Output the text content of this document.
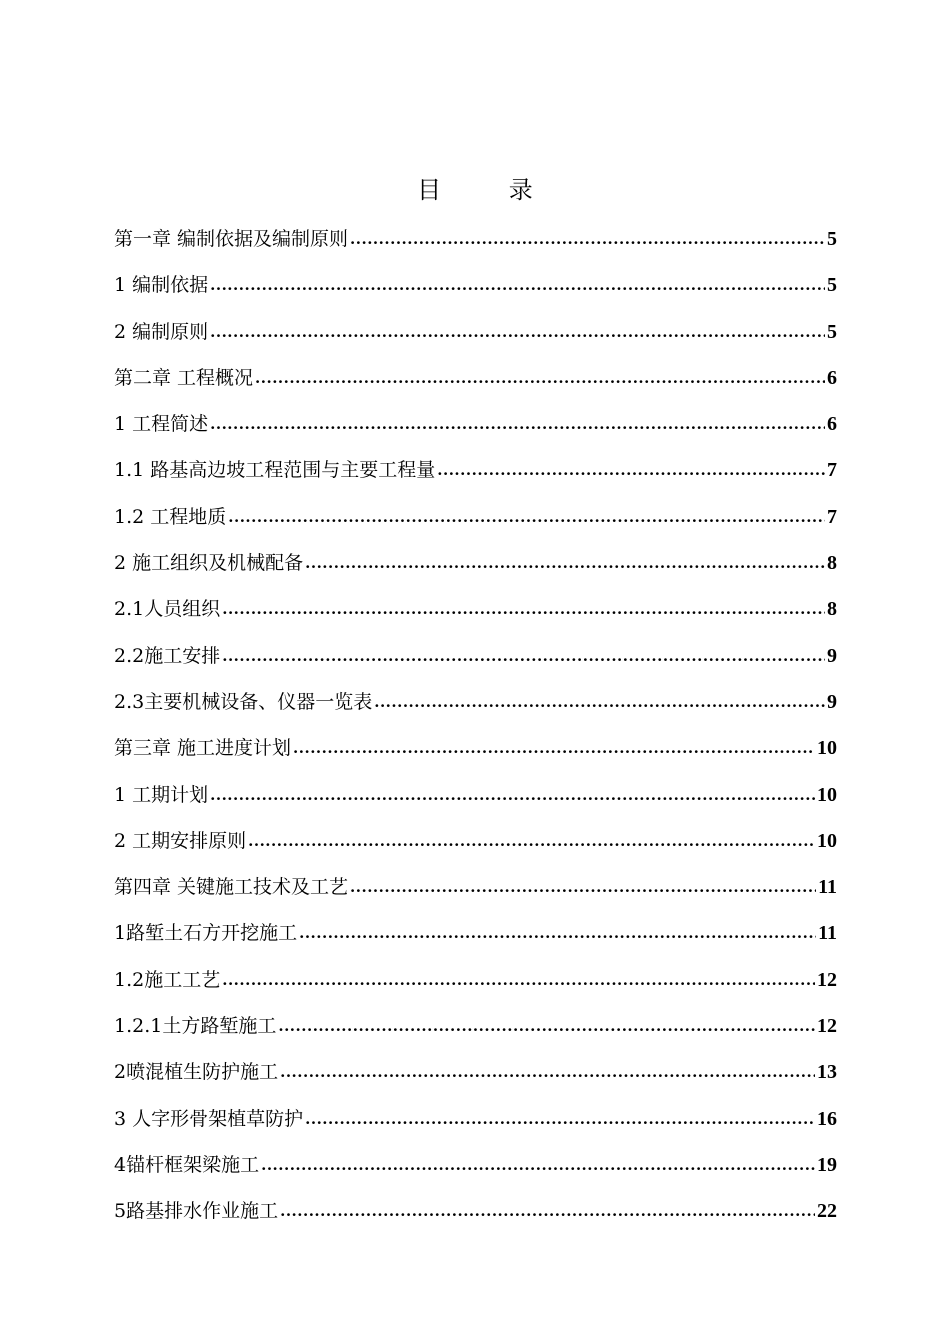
目 录
第一章 编制依据及编制原则 .....	5
1 编制依据 .....	5
2 编制原则 .....	5
第二章 工程概况 .....	6
1 工程简述 .....	6
1.1 路基高边坡工程范围与主要工程量 .....	7
1.2 工程地质 .....	7
2 施工组织及机械配备 .....	8
2.1人员组织 .....	8
2.2施工安排 .....	9
2.3主要机械设备、仪器一览表 .....	9
第三章 施工进度计划 .....	10
1 工期计划 .....	10
2 工期安排原则 .....	10
第四章 关键施工技术及工艺 .....	11
1路堑土石方开挖施工 .....	11
1.2施工工艺 .....	12
1.2.1土方路堑施工 .....	12
2喷混植生防护施工 .....	13
3 人字形骨架植草防护 .....	16
4锚杆框架梁施工 .....	19
5路基排水作业施工 .....	22
